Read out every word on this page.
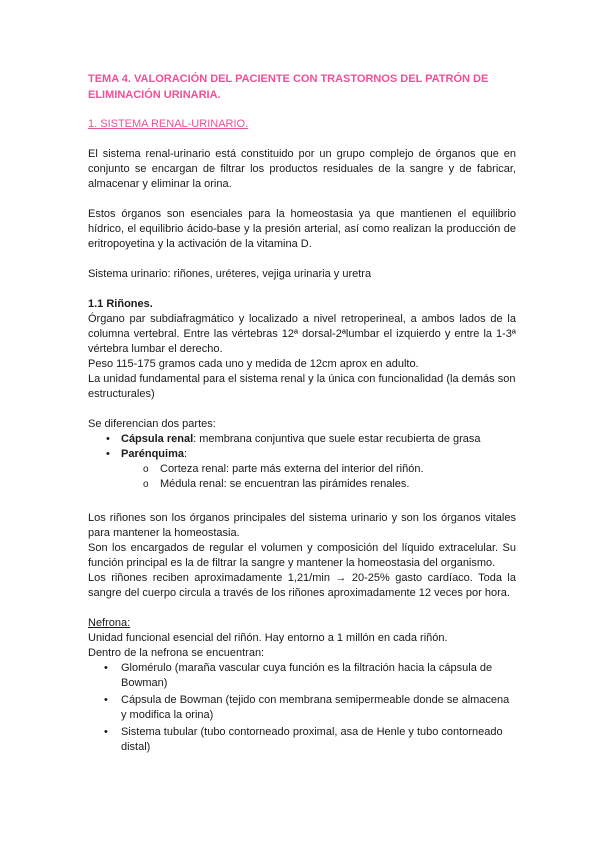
TEMA 4. VALORACIÓN DEL PACIENTE CON TRASTORNOS DEL PATRÓN DE ELIMINACIÓN URINARIA.

1. SISTEMA RENAL-URINARIO.

El sistema renal-urinario está constituido por un grupo complejo de órganos que en conjunto se encargan de filtrar los productos residuales de la sangre y de fabricar, almacenar y eliminar la orina.

Estos órganos son esenciales para la homeostasia ya que mantienen el equilibrio hídrico, el equilibrio ácido-base y la presión arterial, así como realizan la producción de eritropoyetina y la activación de la vitamina D.

Sistema urinario: riñones, uréteres, vejiga urinaria y uretra

1.1 Riñones.

Órgano par subdiafragmático y localizado a nivel retroperineal, a ambos lados de la columna vertebral. Entre las vértebras 12ª dorsal-2ªlumbar el izquierdo y entre la 1-3ª vértebra lumbar el derecho.

Peso 115-175 gramos cada uno y medida de 12cm aprox en adulto.

La unidad fundamental para el sistema renal y la única con funcionalidad (la demás son estructurales)

Se diferencian dos partes:

• Cápsula renal: membrana conjuntiva que suele estar recubierta de grasa
• Parénquima:
o Corteza renal: parte más externa del interior del riñón.
o Médula renal: se encuentran las pirámides renales.

Los riñones son los órganos principales del sistema urinario y son los órganos vitales para mantener la homeostasia.

Son los encargados de regular el volumen y composición del líquido extracelular. Su función principal es la de filtrar la sangre y mantener la homeostasia del organismo.

Los riñones reciben aproximadamente 1,21/min → 20-25% gasto cardíaco. Toda la sangre del cuerpo circula a través de los riñones aproximadamente 12 veces por hora.

Nefrona:

Unidad funcional esencial del riñón. Hay entorno a 1 millón en cada riñón.

Dentro de la nefrona se encuentran:

• Glomérulo (maraña vascular cuya función es la filtración hacia la cápsula de Bowman)
• Cápsula de Bowman (tejido con membrana semipermeable donde se almacena y modifica la orina)
• Sistema tubular (tubo contorneado proximal, asa de Henle y tubo contorneado distal)
